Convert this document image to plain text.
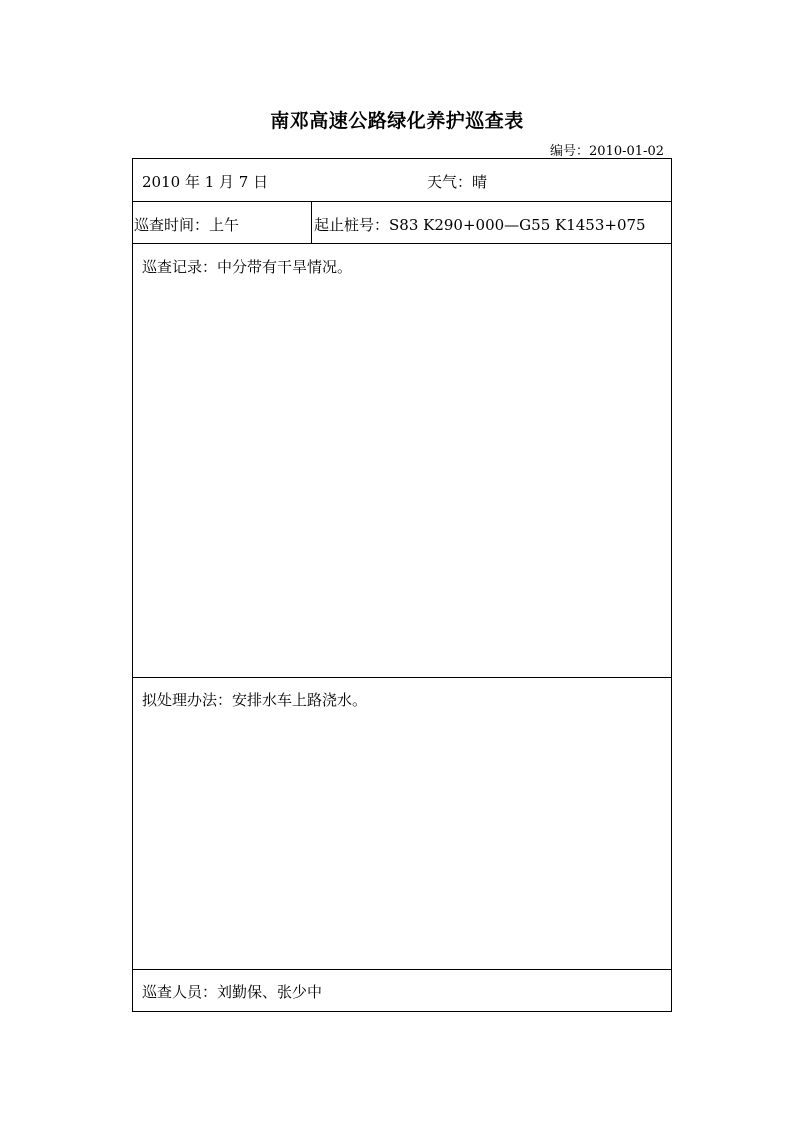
南邓高速公路绿化养护巡查表
编号：2010-01-02
2010 年 1 月 7 日	天气：晴
巡查时间：上午	起止桩号：S83 K290+000—G55 K1453+075
巡查记录：中分带有干旱情况。
拟处理办法：安排水车上路浇水。
巡查人员：刘勤保、张少中
